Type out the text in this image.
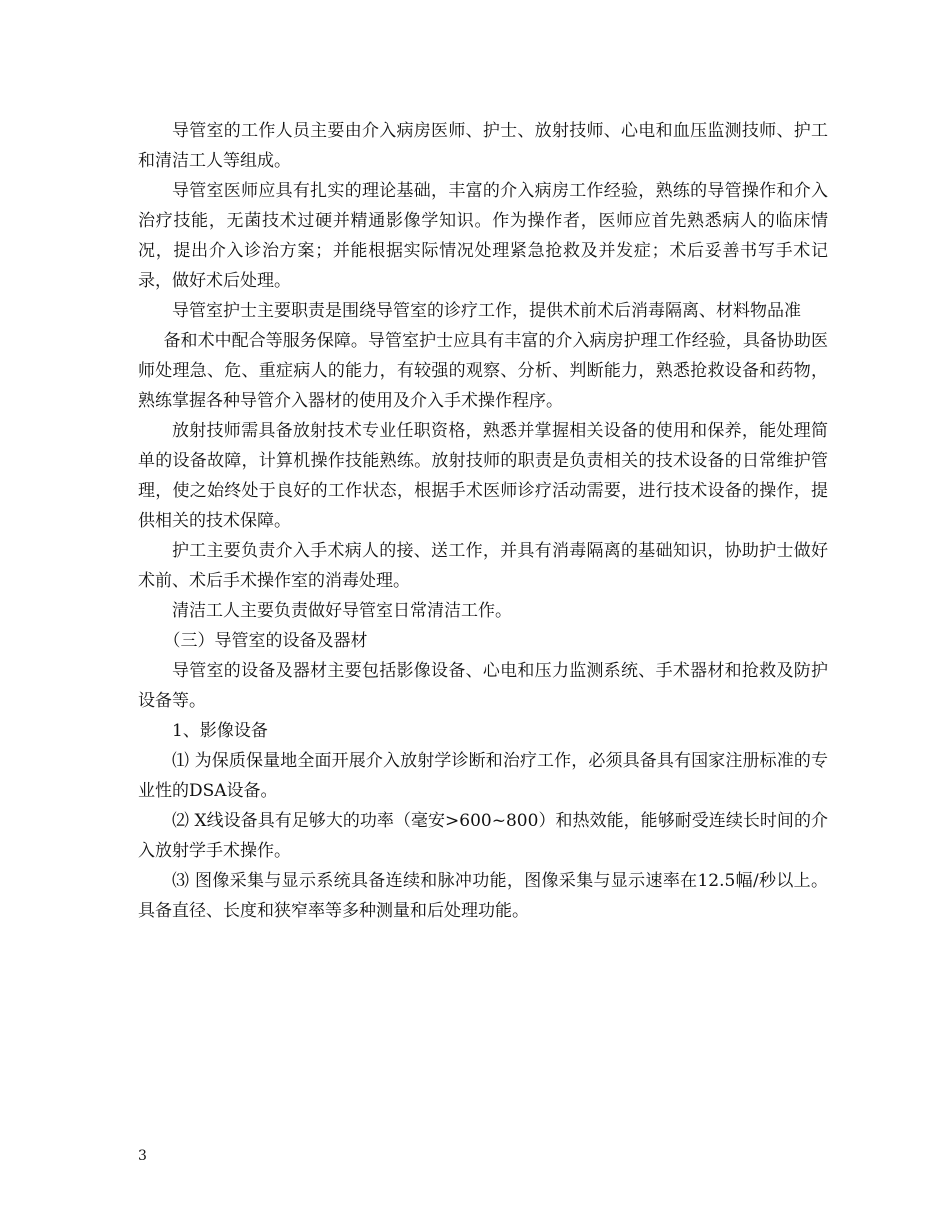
导管室的工作人员主要由介入病房医师、护士、放射技师、心电和血压监测技师、护工和清洁工人等组成。

导管室医师应具有扎实的理论基础，丰富的介入病房工作经验，熟练的导管操作和介入治疗技能，无菌技术过硬并精通影像学知识。作为操作者，医师应首先熟悉病人的临床情况，提出介入诊治方案；并能根据实际情况处理紧急抢救及并发症；术后妥善书写手术记录，做好术后处理。

导管室护士主要职责是围绕导管室的诊疗工作，提供术前术后消毒隔离、材料物品准

备和术中配合等服务保障。导管室护士应具有丰富的介入病房护理工作经验，具备协助医师处理急、危、重症病人的能力，有较强的观察、分析、判断能力，熟悉抢救设备和药物，熟练掌握各种导管介入器材的使用及介入手术操作程序。

放射技师需具备放射技术专业任职资格，熟悉并掌握相关设备的使用和保养，能处理简单的设备故障，计算机操作技能熟练。放射技师的职责是负责相关的技术设备的日常维护管理，使之始终处于良好的工作状态，根据手术医师诊疗活动需要，进行技术设备的操作，提供相关的技术保障。

护工主要负责介入手术病人的接、送工作，并具有消毒隔离的基础知识，协助护士做好术前、术后手术操作室的消毒处理。

清洁工人主要负责做好导管室日常清洁工作。

（三）导管室的设备及器材

导管室的设备及器材主要包括影像设备、心电和压力监测系统、手术器材和抢救及防护设备等。

1、影像设备

⑴ 为保质保量地全面开展介入放射学诊断和治疗工作，必须具备具有国家注册标准的专业性的DSA设备。

⑵ X线设备具有足够大的功率（毫安>600~800）和热效能，能够耐受连续长时间的介入放射学手术操作。

⑶ 图像采集与显示系统具备连续和脉冲功能，图像采集与显示速率在12.5幅/秒以上。具备直径、长度和狭窄率等多种测量和后处理功能。

3
